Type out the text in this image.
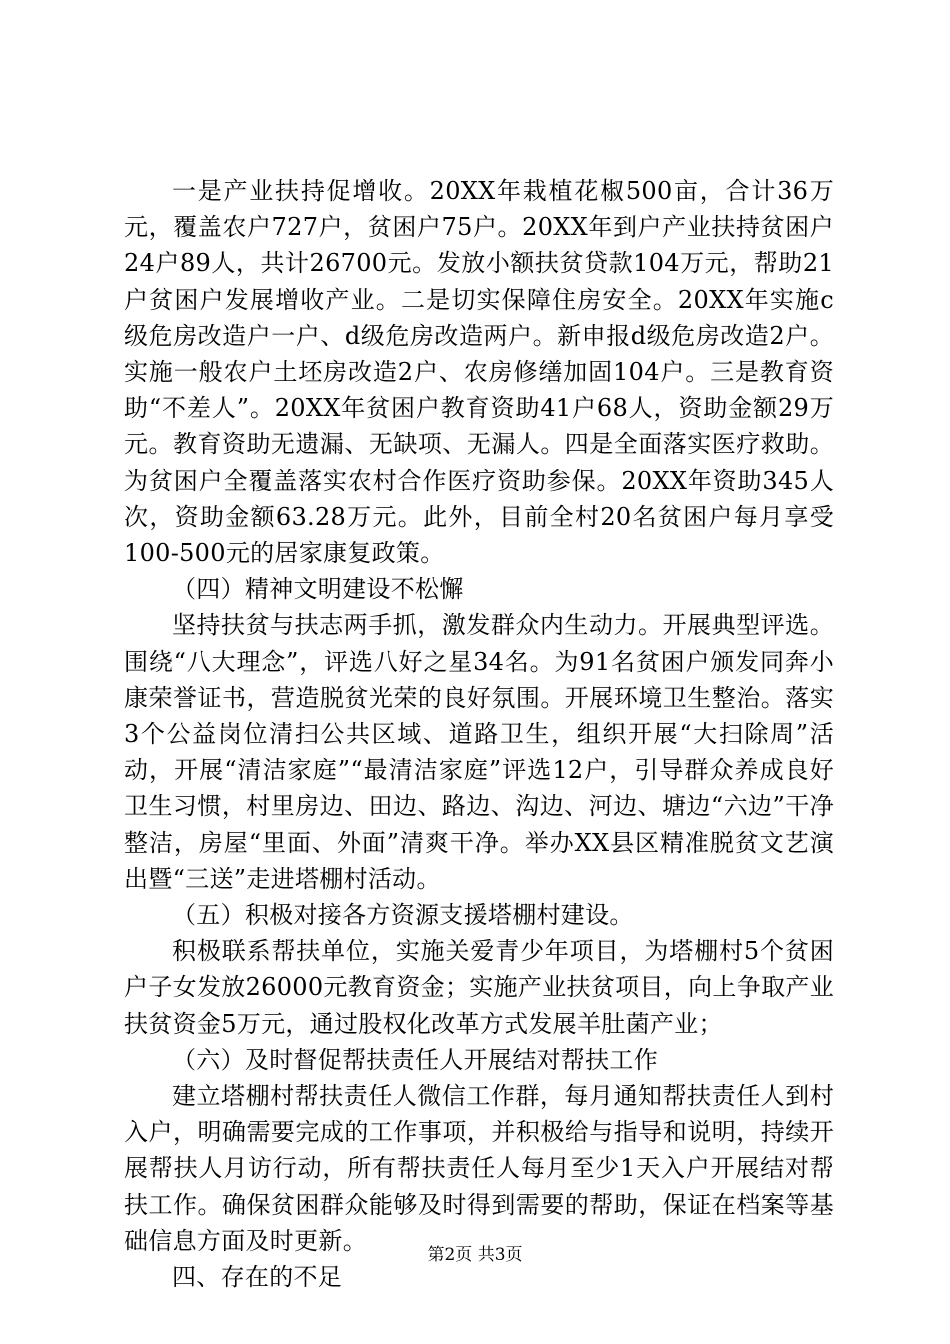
一是产业扶持促增收。20XX年栽植花椒500亩，合计36万元，覆盖农户727户，贫困户75户。20XX年到户产业扶持贫困户24户89人，共计26700元。发放小额扶贫贷款104万元，帮助21户贫困户发展增收产业。二是切实保障住房安全。20XX年实施c级危房改造户一户、d级危房改造两户。新申报d级危房改造2户。实施一般农户土坯房改造2户、农房修缮加固104户。三是教育资助“不差人”。20XX年贫困户教育资助41户68人，资助金额29万元。教育资助无遗漏、无缺项、无漏人。四是全面落实医疗救助。为贫困户全覆盖落实农村合作医疗资助参保。20XX年资助345人次，资助金额63.28万元。此外，目前全村20名贫困户每月享受100-500元的居家康复政策。

（四）精神文明建设不松懈

坚持扶贫与扶志两手抓，激发群众内生动力。开展典型评选。围绕“八大理念”，评选八好之星34名。为91名贫困户颁发同奔小康荣誉证书，营造脱贫光荣的良好氛围。开展环境卫生整治。落实3个公益岗位清扫公共区域、道路卫生，组织开展“大扫除周”活动，开展“清洁家庭”“最清洁家庭”评选12户，引导群众养成良好卫生习惯，村里房边、田边、路边、沟边、河边、塘边“六边”干净整洁，房屋“里面、外面”清爽干净。举办XX县区精准脱贫文艺演出暨“三送”走进塔棚村活动。

（五）积极对接各方资源支援塔棚村建设。

积极联系帮扶单位，实施关爱青少年项目，为塔棚村5个贫困户子女发放26000元教育资金；实施产业扶贫项目，向上争取产业扶贫资金5万元，通过股权化改革方式发展羊肚菌产业；

（六）及时督促帮扶责任人开展结对帮扶工作

建立塔棚村帮扶责任人微信工作群，每月通知帮扶责任人到村入户，明确需要完成的工作事项，并积极给与指导和说明，持续开展帮扶人月访行动，所有帮扶责任人每月至少1天入户开展结对帮扶工作。确保贫困群众能够及时得到需要的帮助，保证在档案等基础信息方面及时更新。

四、存在的不足

第2页 共3页
